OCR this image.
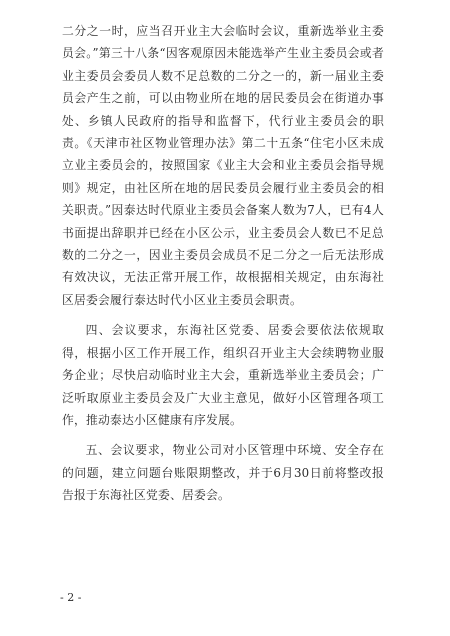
二分之一时，应当召开业主大会临时会议，重新选举业主委员会。”第三十八条“因客观原因未能选举产生业主委员会或者业主委员会委员人数不足总数的二分之一的，新一届业主委员会产生之前，可以由物业所在地的居民委员会在街道办事处、乡镇人民政府的指导和监督下，代行业主委员会的职责。《天津市社区物业管理办法》第二十五条“住宅小区未成立业主委员会的，按照国家《业主大会和业主委员会指导规则》规定，由社区所在地的居民委员会履行业主委员会的相关职责。”因泰达时代原业主委员会备案人数为7人，已有4人书面提出辞职并已经在小区公示，业主委员会人数已不足总数的二分之一，因业主委员会成员不足二分之一后无法形成有效决议，无法正常开展工作，故根据相关规定，由东海社区居委会履行泰达时代小区业主委员会职责。

四、会议要求，东海社区党委、居委会要依法依规取得，根据小区工作开展工作，组织召开业主大会续聘物业服务企业；尽快启动临时业主大会，重新选举业主委员会；广泛听取原业主委员会及广大业主意见，做好小区管理各项工作，推动泰达小区健康有序发展。

五、会议要求，物业公司对小区管理中环境、安全存在的问题，建立问题台账限期整改，并于6月30日前将整改报告报于东海社区党委、居委会。

- 2 -
